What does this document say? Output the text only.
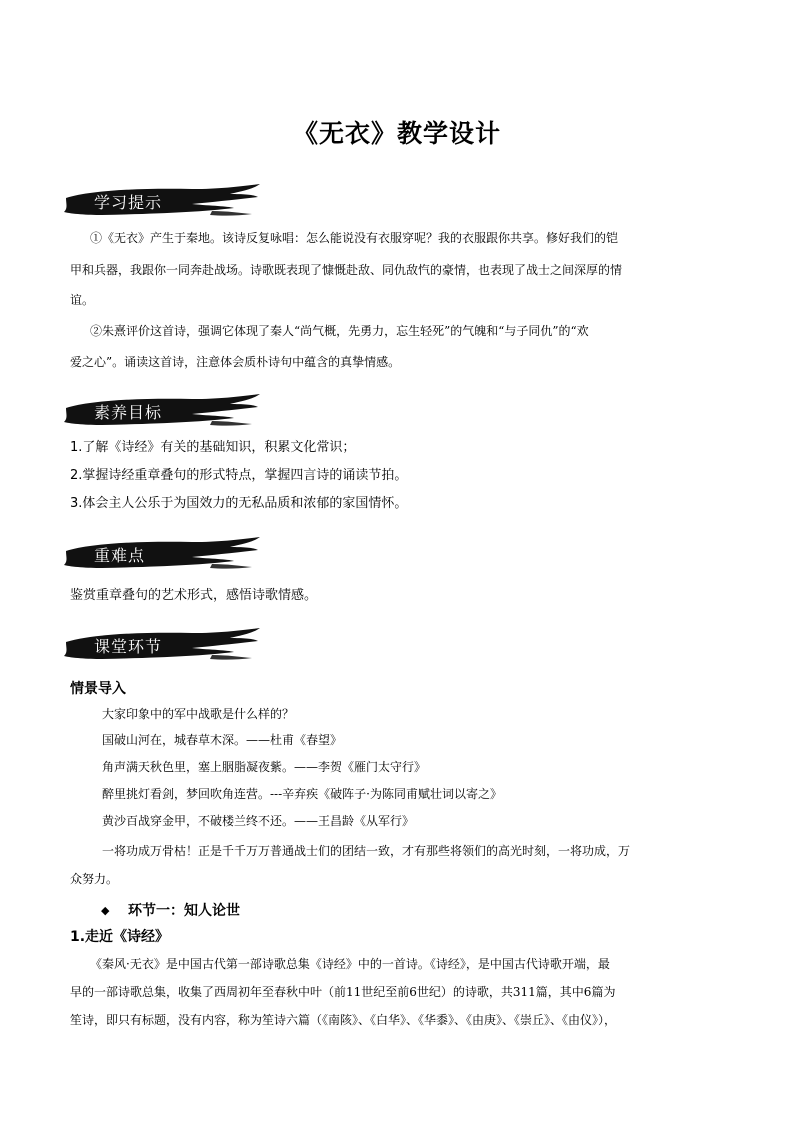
《无衣》教学设计
学习提示
①《无衣》产生于秦地。该诗反复咏唱：怎么能说没有衣服穿呢？我的衣服跟你共享。修好我们的铠
甲和兵器，我跟你一同奔赴战场。诗歌既表现了慷慨赴敌、同仇敌忾的豪情，也表现了战士之间深厚的情
谊。
②朱熹评价这首诗，强调它体现了秦人“尚气概，先勇力，忘生轻死”的气魄和“与子同仇”的“欢
爱之心”。诵读这首诗，注意体会质朴诗句中蕴含的真挚情感。
素养目标
1.了解《诗经》有关的基础知识，积累文化常识；
2.掌握诗经重章叠句的形式特点，掌握四言诗的诵读节拍。
3.体会主人公乐于为国效力的无私品质和浓郁的家国情怀。
重难点
鉴赏重章叠句的艺术形式，感悟诗歌情感。
课堂环节
情景导入
大家印象中的军中战歌是什么样的？
国破山河在，城春草木深。——杜甫《春望》
角声满天秋色里，塞上胭脂凝夜紫。——李贺《雁门太守行》
醉里挑灯看剑，梦回吹角连营。---辛弃疾《破阵子·为陈同甫赋壮词以寄之》
黄沙百战穿金甲，不破楼兰终不还。——王昌龄《从军行》
一将功成万骨枯！正是千千万万普通战士们的团结一致，才有那些将领们的高光时刻，一将功成，万
众努力。
◆ 环节一：知人论世
1.走近《诗经》
《秦风·无衣》是中国古代第一部诗歌总集《诗经》中的一首诗。《诗经》，是中国古代诗歌开端，最
早的一部诗歌总集，收集了西周初年至春秋中叶（前11世纪至前6世纪）的诗歌，共311篇，其中6篇为
笙诗，即只有标题，没有内容，称为笙诗六篇（《南陔》、《白华》、《华黍》、《由庚》、《崇丘》、《由仪》），
